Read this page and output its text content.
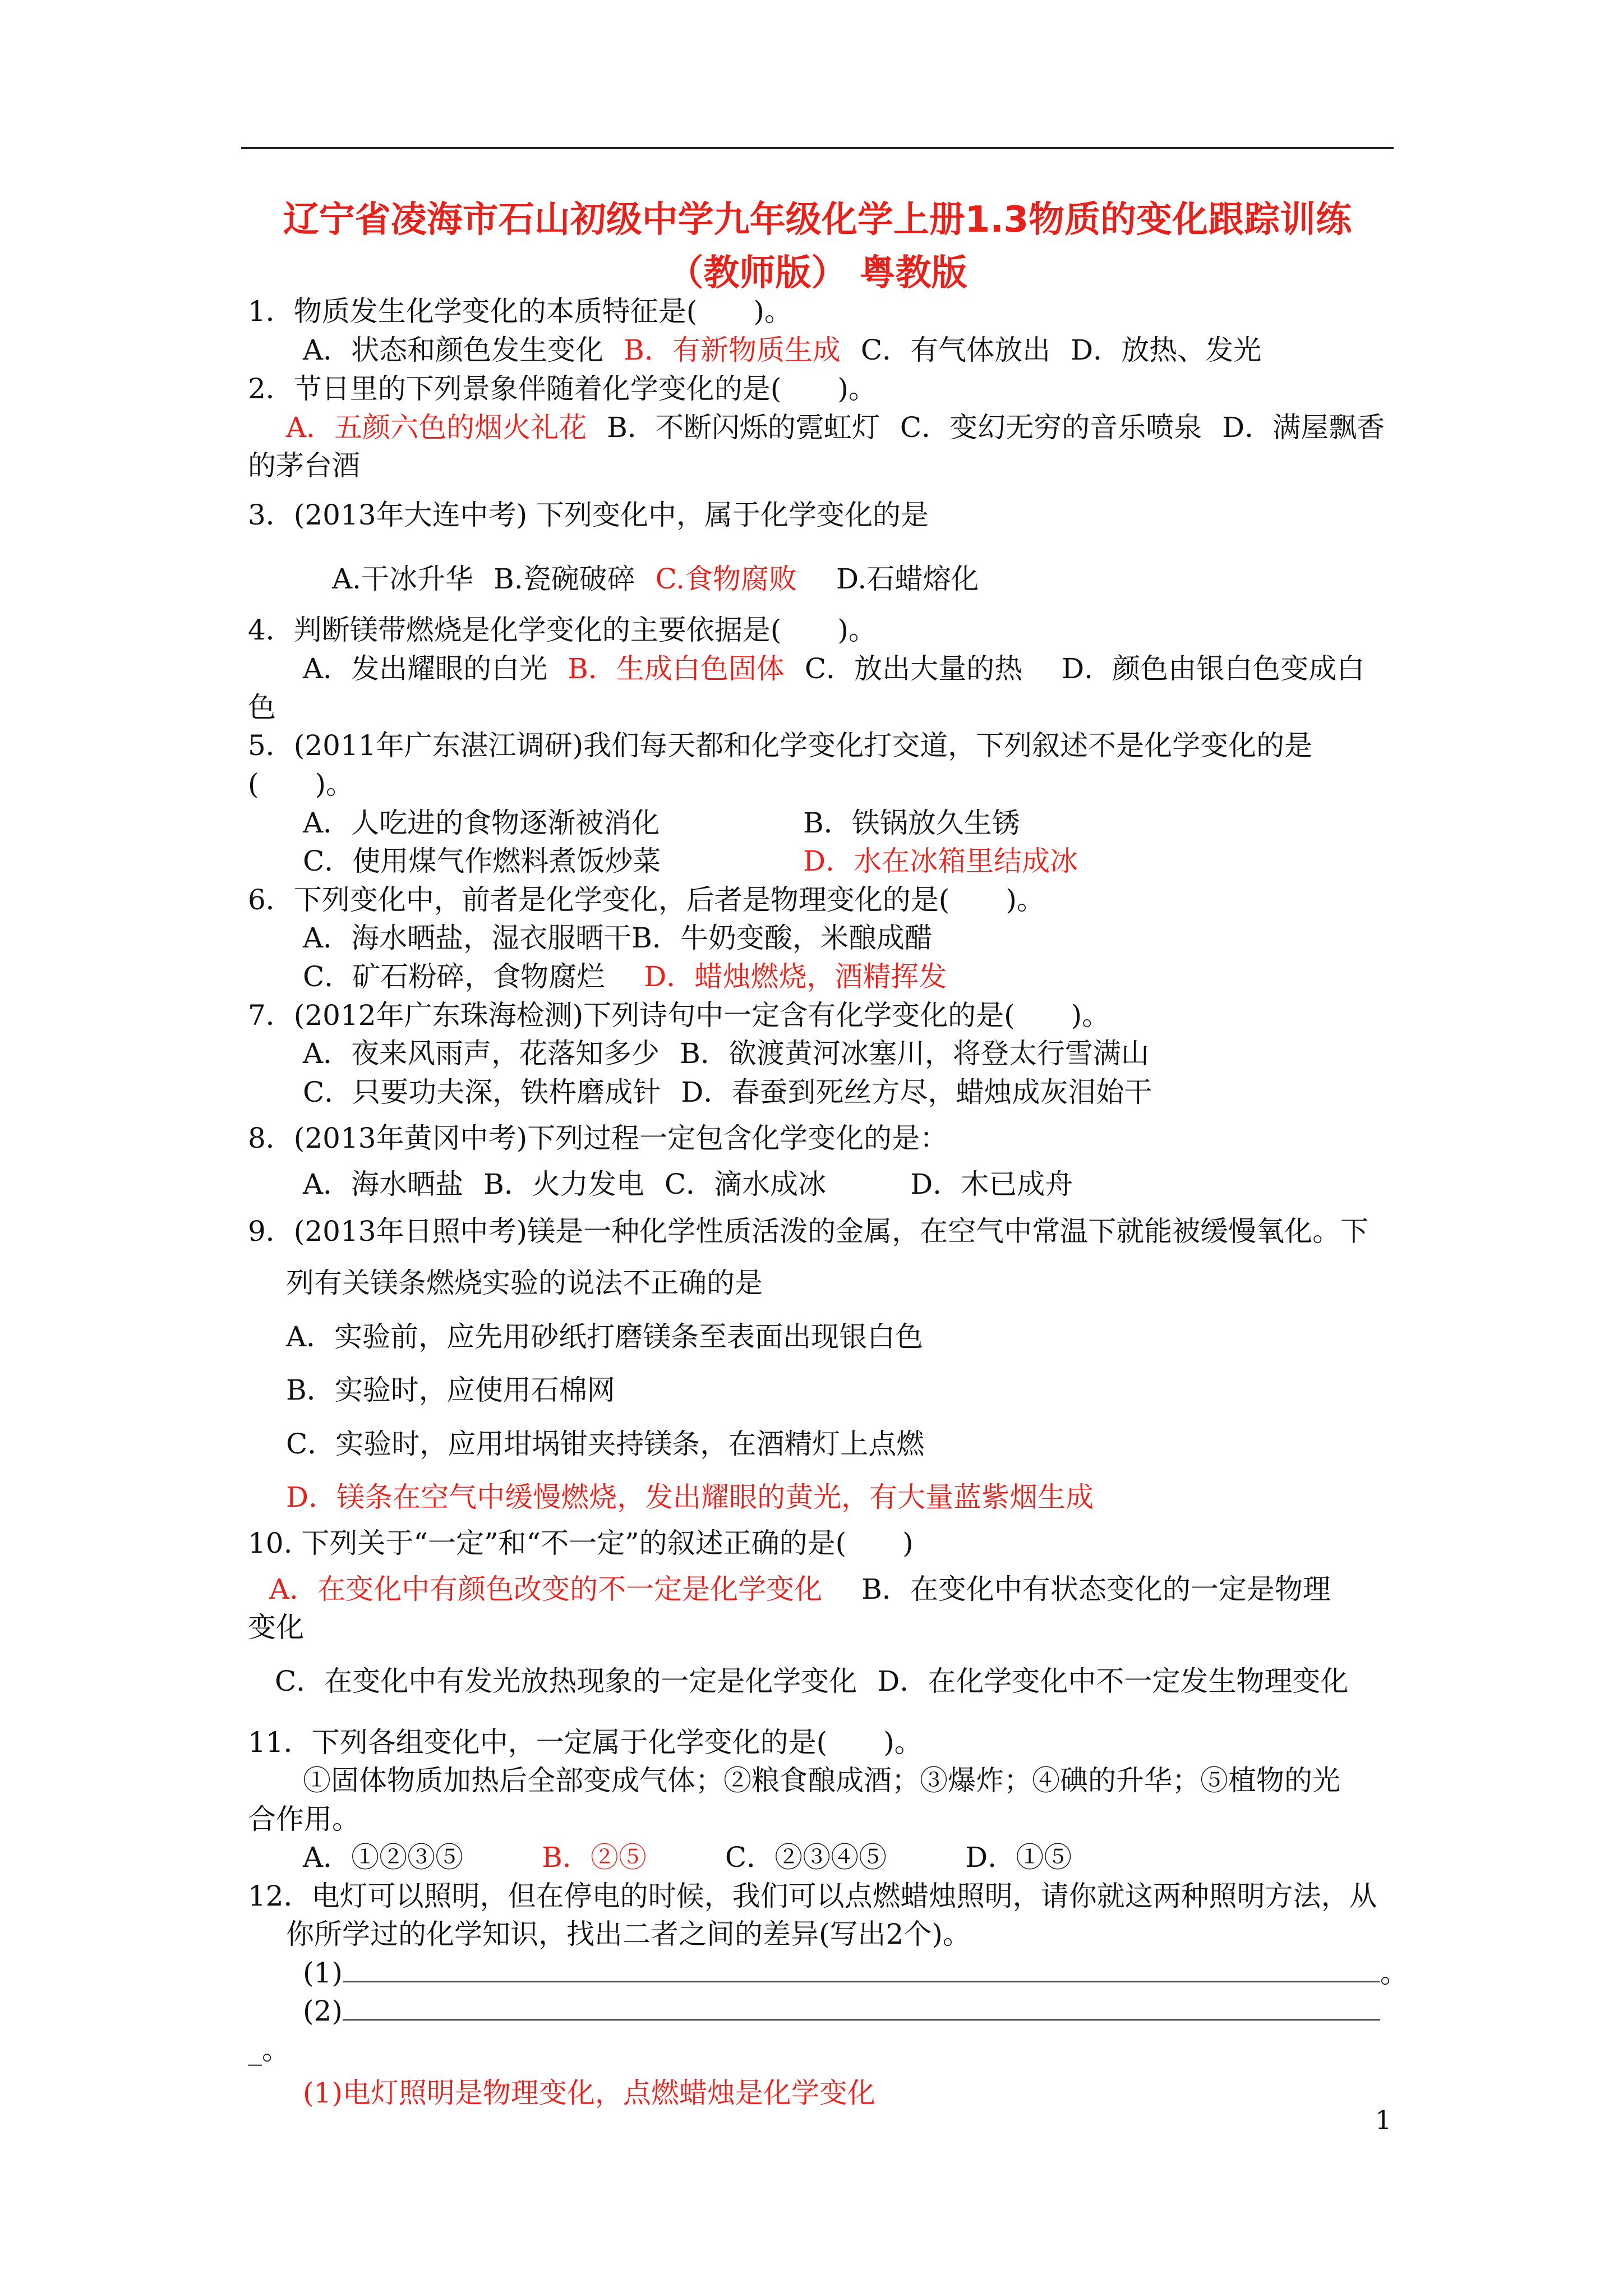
辽宁省凌海市石山初级中学九年级化学上册1.3物质的变化跟踪训练
（教师版） 粤教版
1．物质发生化学变化的本质特征是(　　)。
A．状态和颜色发生变化 B．有新物质生成 C．有气体放出 D．放热、发光
2．节日里的下列景象伴随着化学变化的是(　　)。
A．五颜六色的烟火礼花 B．不断闪烁的霓虹灯 C．变幻无穷的音乐喷泉 D．满屋飘香
的茅台酒
3．(2013年大连中考) 下列变化中，属于化学变化的是
A.干冰升华 B.瓷碗破碎 C.食物腐败 D.石蜡熔化
4．判断镁带燃烧是化学变化的主要依据是(　　)。
A．发出耀眼的白光 B．生成白色固体 C．放出大量的热 D．颜色由银白色变成白
色
5．(2011年广东湛江调研)我们每天都和化学变化打交道，下列叙述不是化学变化的是
(　　)。
A．人吃进的食物逐渐被消化	B．铁锅放久生锈
C．使用煤气作燃料煮饭炒菜	D．水在冰箱里结成冰
6．下列变化中，前者是化学变化，后者是物理变化的是(　　)。
A．海水晒盐，湿衣服晒干B．牛奶变酸，米酿成醋
C．矿石粉碎，食物腐烂 D．蜡烛燃烧，酒精挥发
7．(2012年广东珠海检测)下列诗句中一定含有化学变化的是(　　)。
A．夜来风雨声，花落知多少 B．欲渡黄河冰塞川，将登太行雪满山
C．只要功夫深，铁杵磨成针 D．春蚕到死丝方尽，蜡烛成灰泪始干
8．(2013年黄冈中考)下列过程一定包含化学变化的是：
A．海水晒盐 B．火力发电 C．滴水成冰	D．木已成舟
9．(2013年日照中考)镁是一种化学性质活泼的金属，在空气中常温下就能被缓慢氧化。下
列有关镁条燃烧实验的说法不正确的是
A．实验前，应先用砂纸打磨镁条至表面出现银白色
B．实验时，应使用石棉网
C．实验时，应用坩埚钳夹持镁条，在酒精灯上点燃
D．镁条在空气中缓慢燃烧，发出耀眼的黄光，有大量蓝紫烟生成
10. 下列关于“一定”和“不一定”的叙述正确的是(　　)
A．在变化中有颜色改变的不一定是化学变化 B．在变化中有状态变化的一定是物理
变化
C．在变化中有发光放热现象的一定是化学变化 D．在化学变化中不一定发生物理变化
11．下列各组变化中，一定属于化学变化的是(　　)。
①固体物质加热后全部变成气体；②粮食酿成酒；③爆炸；④碘的升华；⑤植物的光
合作用。
A．①②③⑤	B．②⑤	C．②③④⑤	D．①⑤
12．电灯可以照明，但在停电的时候，我们可以点燃蜡烛照明，请你就这两种照明方法，从
你所学过的化学知识，找出二者之间的差异(写出2个)。
(1)	。
(2)
_。
(1)电灯照明是物理变化，点燃蜡烛是化学变化
1
